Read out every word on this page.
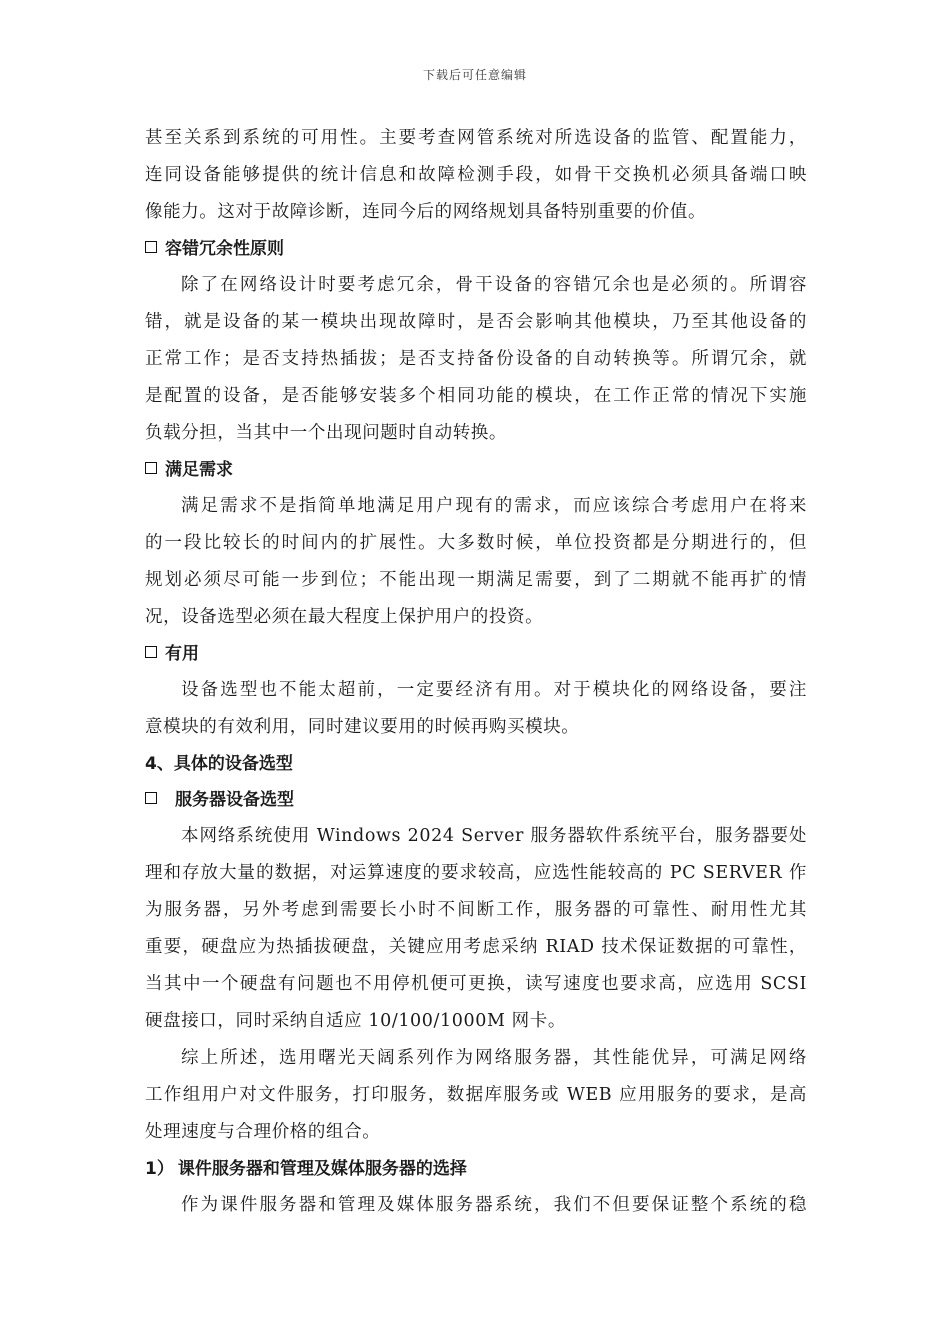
下载后可任意编辑
甚至关系到系统的可用性。主要考查网管系统对所选设备的监管、配置能力，
连同设备能够提供的统计信息和故障检测手段，如骨干交换机必须具备端口映
像能力。这对于故障诊断，连同今后的网络规划具备特别重要的价值。
容错冗余性原则
除了在网络设计时要考虑冗余，骨干设备的容错冗余也是必须的。所谓容
错，就是设备的某一模块出现故障时，是否会影响其他模块，乃至其他设备的
正常工作；是否支持热插拔；是否支持备份设备的自动转换等。所谓冗余，就
是配置的设备，是否能够安装多个相同功能的模块，在工作正常的情况下实施
负载分担，当其中一个出现问题时自动转换。
满足需求
满足需求不是指简单地满足用户现有的需求，而应该综合考虑用户在将来
的一段比较长的时间内的扩展性。大多数时候，单位投资都是分期进行的，但
规划必须尽可能一步到位；不能出现一期满足需要，到了二期就不能再扩的情
况，设备选型必须在最大程度上保护用户的投资。
有用
设备选型也不能太超前，一定要经济有用。对于模块化的网络设备，要注
意模块的有效利用，同时建议要用的时候再购买模块。
4、具体的设备选型
服务器设备选型
本网络系统使用 Windows 2024 Server 服务器软件系统平台，服务器要处
理和存放大量的数据，对运算速度的要求较高，应选性能较高的 PC SERVER 作
为服务器，另外考虑到需要长小时不间断工作，服务器的可靠性、耐用性尤其
重要，硬盘应为热插拔硬盘，关键应用考虑采纳 RIAD 技术保证数据的可靠性，
当其中一个硬盘有问题也不用停机便可更换，读写速度也要求高，应选用 SCSI
硬盘接口，同时采纳自适应 10/100/1000M 网卡。
综上所述，选用曙光天阔系列作为网络服务器，其性能优异，可满足网络
工作组用户对文件服务，打印服务，数据库服务或 WEB 应用服务的要求，是高
处理速度与合理价格的组合。
1） 课件服务器和管理及媒体服务器的选择
作为课件服务器和管理及媒体服务器系统，我们不但要保证整个系统的稳
